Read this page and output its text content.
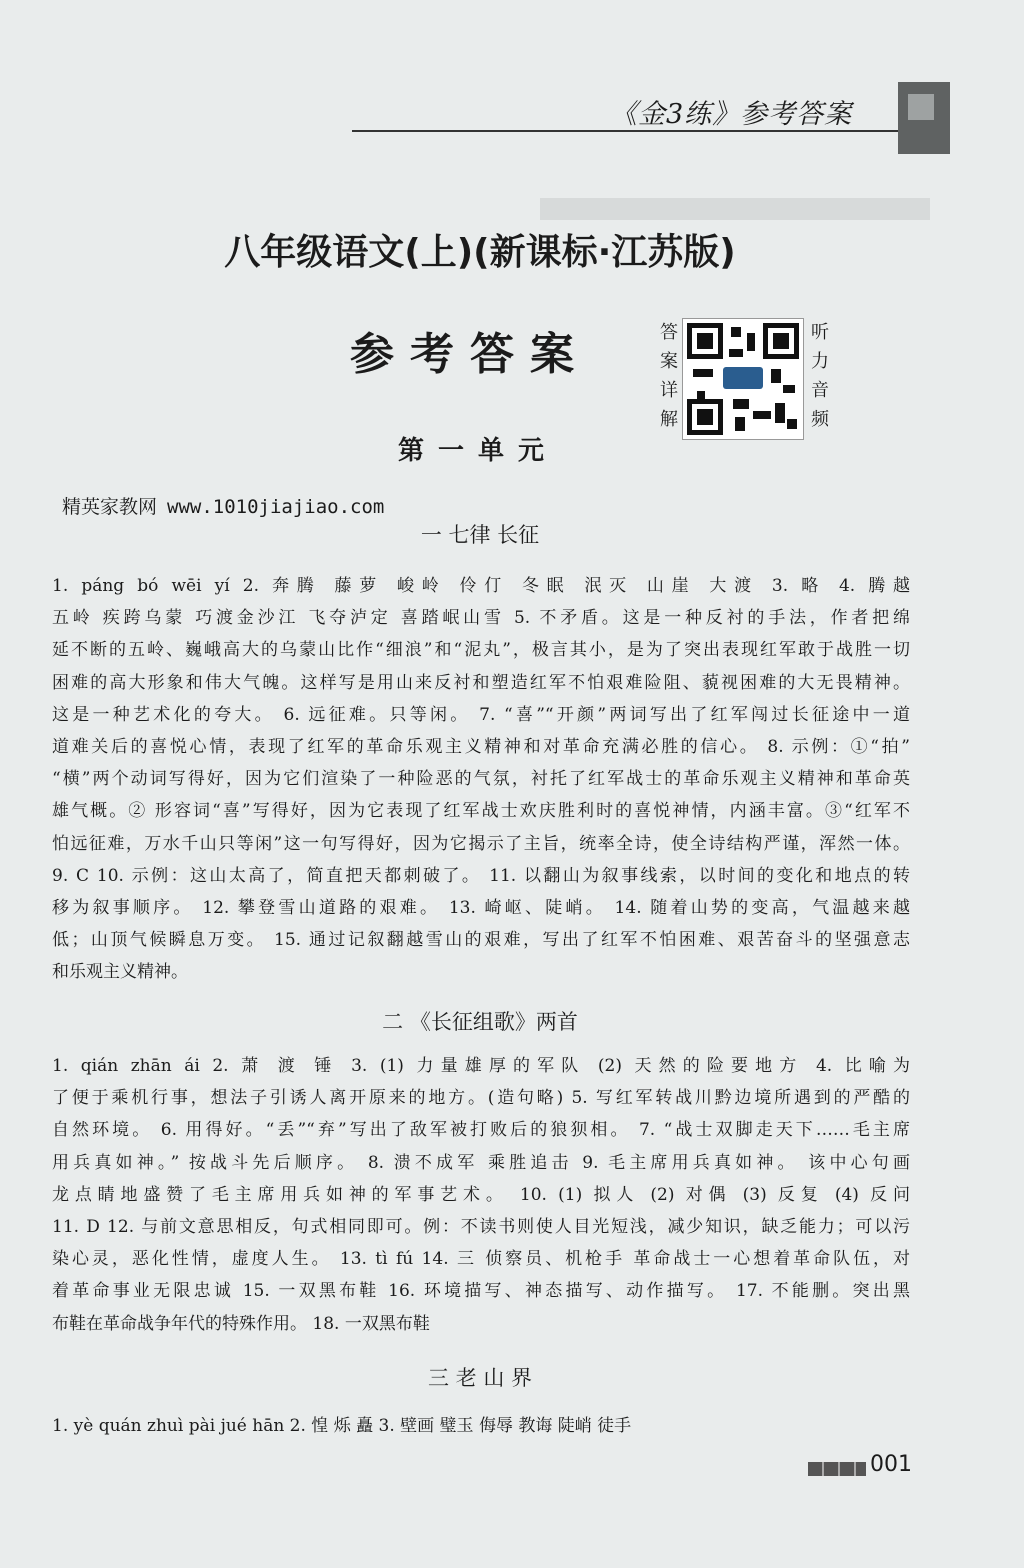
《金3练》参考答案
八年级语文(上)(新课标·江苏版)
参考答案	答案详解
听力音频
第一单元
精英家教网 www.1010jiajiao.com
一 七律 长征
1. páng bó wēi yí 2. 奔腾 藤萝 峻岭 伶仃 冬眠 泯灭 山崖 大渡 3. 略 4. 腾越
五岭 疾跨乌蒙 巧渡金沙江 飞夺泸定 喜踏岷山雪 5. 不矛盾。这是一种反衬的手法，作者把绵
延不断的五岭、巍峨高大的乌蒙山比作“细浪”和“泥丸”，极言其小，是为了突出表现红军敢于战胜一切
困难的高大形象和伟大气魄。这样写是用山来反衬和塑造红军不怕艰难险阻、藐视困难的大无畏精神。
这是一种艺术化的夸大。 6. 远征难。只等闲。 7. “喜”“开颜”两词写出了红军闯过长征途中一道
道难关后的喜悦心情，表现了红军的革命乐观主义精神和对革命充满必胜的信心。 8. 示例：①“拍”
“横”两个动词写得好，因为它们渲染了一种险恶的气氛，衬托了红军战士的革命乐观主义精神和革命英
雄气概。② 形容词“喜”写得好，因为它表现了红军战士欢庆胜利时的喜悦神情，内涵丰富。③“红军不
怕远征难，万水千山只等闲”这一句写得好，因为它揭示了主旨，统率全诗，使全诗结构严谨，浑然一体。
9. C 10. 示例：这山太高了，简直把天都刺破了。 11. 以翻山为叙事线索，以时间的变化和地点的转
移为叙事顺序。 12. 攀登雪山道路的艰难。 13. 崎岖、陡峭。 14. 随着山势的变高，气温越来越
低；山顶气候瞬息万变。 15. 通过记叙翻越雪山的艰难，写出了红军不怕困难、艰苦奋斗的坚强意志
和乐观主义精神。
二 《长征组歌》两首
1. qián zhān ái 2. 萧 渡 锤 3. (1) 力量雄厚的军队 (2) 天然的险要地方 4. 比喻为
了便于乘机行事，想法子引诱人离开原来的地方。(造句略) 5. 写红军转战川黔边境所遇到的严酷的
自然环境。 6. 用得好。“丢”“弃”写出了敌军被打败后的狼狈相。 7. “战士双脚走天下……毛主席
用兵真如神。” 按战斗先后顺序。 8. 溃不成军 乘胜追击 9. 毛主席用兵真如神。 该中心句画
龙点睛地盛赞了毛主席用兵如神的军事艺术。 10. (1) 拟人 (2) 对偶 (3) 反复 (4) 反问
11. D 12. 与前文意思相反，句式相同即可。例：不读书则使人目光短浅，减少知识，缺乏能力；可以污
染心灵，恶化性情，虚度人生。 13. tì fú 14. 三 侦察员、机枪手 革命战士一心想着革命队伍，对
着革命事业无限忠诚 15. 一双黑布鞋 16. 环境描写、神态描写、动作描写。 17. 不能删。突出黑
布鞋在革命战争年代的特殊作用。 18. 一双黑布鞋
三 老 山 界
1. yè quán zhuì pài jué hān 2. 惶 烁 矗 3. 壁画 璧玉 侮辱 教诲 陡峭 徒手
001
